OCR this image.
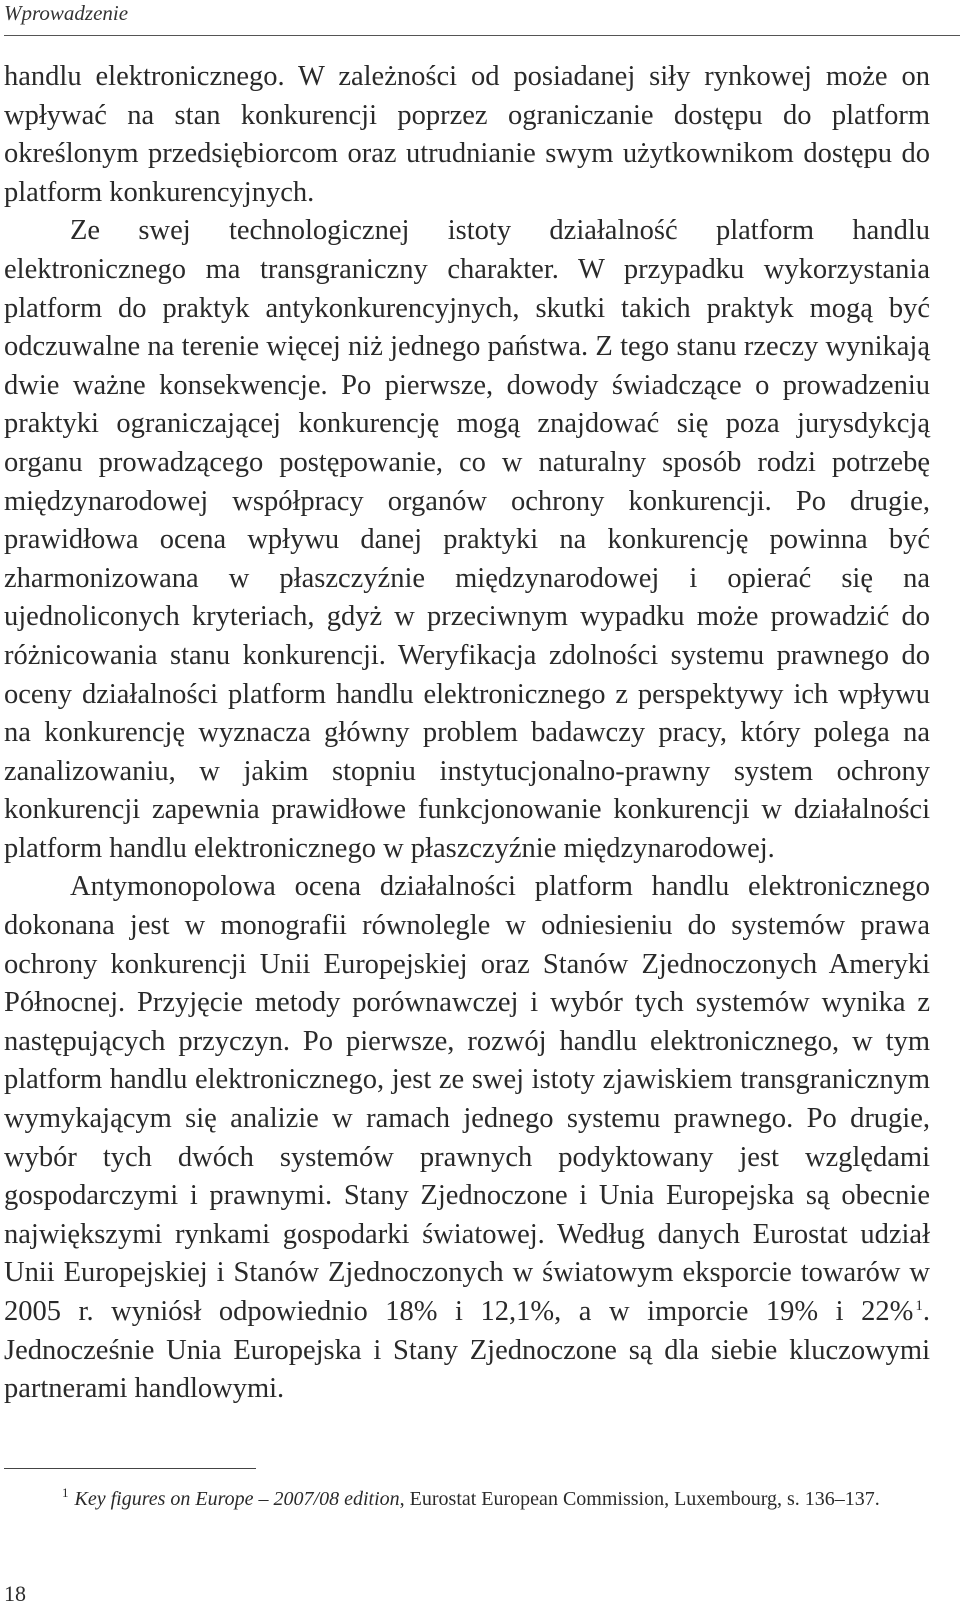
Wprowadzenie

handlu elektronicznego. W zależności od posiadanej siły rynkowej może on wpływać na stan konkurencji poprzez ograniczanie dostępu do platform określonym przedsiębiorcom oraz utrudnianie swym użytkownikom dostępu do platform konkurencyjnych.

Ze swej technologicznej istoty działalność platform handlu elektronicznego ma transgraniczny charakter. W przypadku wykorzystania platform do praktyk antykonkurencyjnych, skutki takich praktyk mogą być odczuwalne na terenie więcej niż jednego państwa. Z tego stanu rzeczy wynikają dwie ważne konsekwencje. Po pierwsze, dowody świadczące o prowadzeniu praktyki ograniczającej konkurencję mogą znajdować się poza jurysdykcją organu prowadzącego postępowanie, co w naturalny sposób rodzi potrzebę międzynarodowej współpracy organów ochrony konkurencji. Po drugie, prawidłowa ocena wpływu danej praktyki na konkurencję powinna być zharmonizowana w płaszczyźnie międzynarodowej i opierać się na ujednoliconych kryteriach, gdyż w przeciwnym wypadku może prowadzić do różnicowania stanu konkurencji. Weryfikacja zdolności systemu prawnego do oceny działalności platform handlu elektronicznego z perspektywy ich wpływu na konkurencję wyznacza główny problem badawczy pracy, który polega na zanalizowaniu, w jakim stopniu instytucjonalno-prawny system ochrony konkurencji zapewnia prawidłowe funkcjonowanie konkurencji w działalności platform handlu elektronicznego w płaszczyźnie międzynarodowej.

Antymonopolowa ocena działalności platform handlu elektronicznego dokonana jest w monografii równolegle w odniesieniu do systemów prawa ochrony konkurencji Unii Europejskiej oraz Stanów Zjednoczonych Ameryki Północnej. Przyjęcie metody porównawczej i wybór tych systemów wynika z następujących przyczyn. Po pierwsze, rozwój handlu elektronicznego, w tym platform handlu elektronicznego, jest ze swej istoty zjawiskiem transgranicznym wymykającym się analizie w ramach jednego systemu prawnego. Po drugie, wybór tych dwóch systemów prawnych podyktowany jest względami gospodarczymi i prawnymi. Stany Zjednoczone i Unia Europejska są obecnie największymi rynkami gospodarki światowej. Według danych Eurostat udział Unii Europejskiej i Stanów Zjednoczonych w światowym eksporcie towarów w 2005 r. wyniósł odpowiednio 18% i 12,1%, a w imporcie 19% i 22% $^1$. Jednocześnie Unia Europejska i Stany Zjednoczone są dla siebie kluczowymi partnerami handlowymi.

$^1$ Key figures on Europe – 2007/08 edition, Eurostat European Commission, Luxembourg, s. 136–137.
18
